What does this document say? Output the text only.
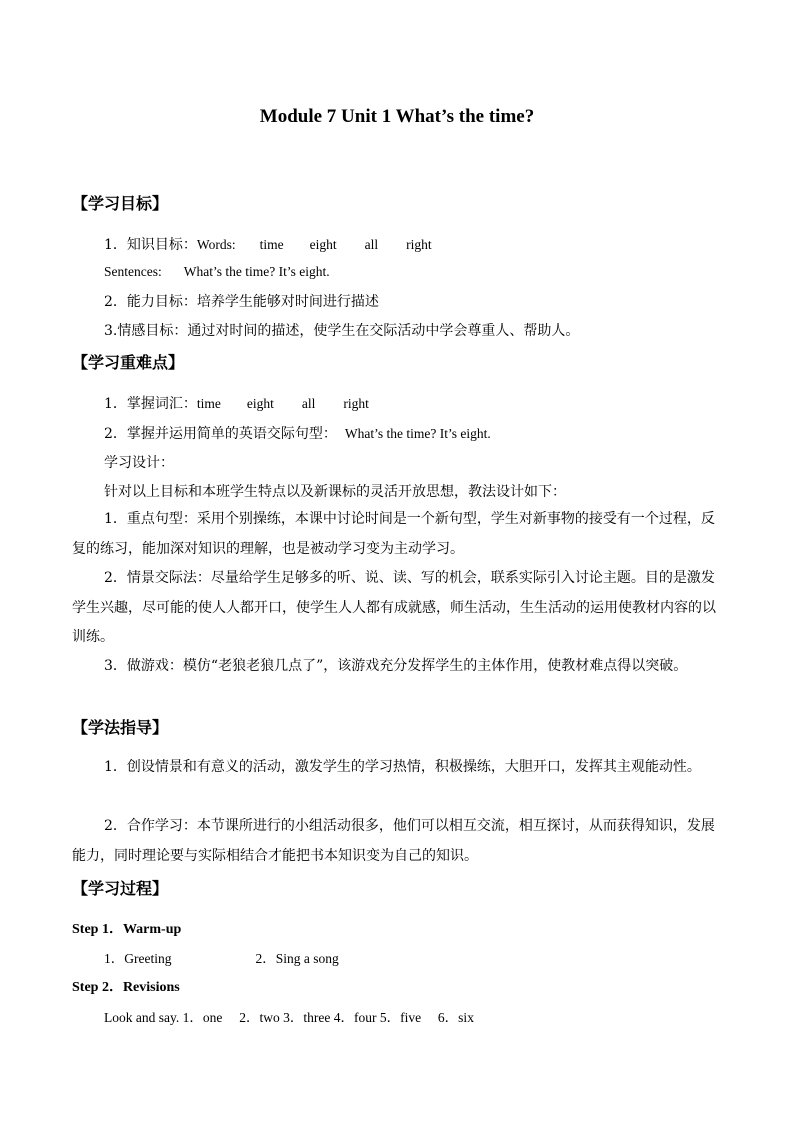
Module 7 Unit 1 What’s the time?
【学习目标】
1．知识目标：Words: time eight all right
Sentences: What’s the time? It’s eight.
2．能力目标：培养学生能够对时间进行描述
3.情感目标：通过对时间的描述，使学生在交际活动中学会尊重人、帮助人。
【学习重难点】
1．掌握词汇：time eight all right
2．掌握并运用简单的英语交际句型： What’s the time? It’s eight.
学习设计：
针对以上目标和本班学生特点以及新课标的灵活开放思想，教法设计如下：
1．重点句型：采用个别操练，本课中讨论时间是一个新句型，学生对新事物的接受有一个过程，反复的练习，能加深对知识的理解，也是被动学习变为主动学习。
2．情景交际法：尽量给学生足够多的听、说、读、写的机会，联系实际引入讨论主题。目的是激发学生兴趣，尽可能的使人人都开口，使学生人人都有成就感，师生活动，生生活动的运用使教材内容的以训练。
3．做游戏：模仿“老狼老狼几点了”，该游戏充分发挥学生的主体作用，使教材难点得以突破。
【学法指导】
1．创设情景和有意义的活动，激发学生的学习热情，积极操练，大胆开口，发挥其主观能动性。
2．合作学习：本节课所进行的小组活动很多，他们可以相互交流，相互探讨，从而获得知识，发展能力，同时理论要与实际相结合才能把书本知识变为自己的知识。
【学习过程】
Step 1．Warm-up
1．Greeting	2．Sing a song
Step 2．Revisions
Look and say. 1．one     2．two 3．three 4．four 5．five     6．six
